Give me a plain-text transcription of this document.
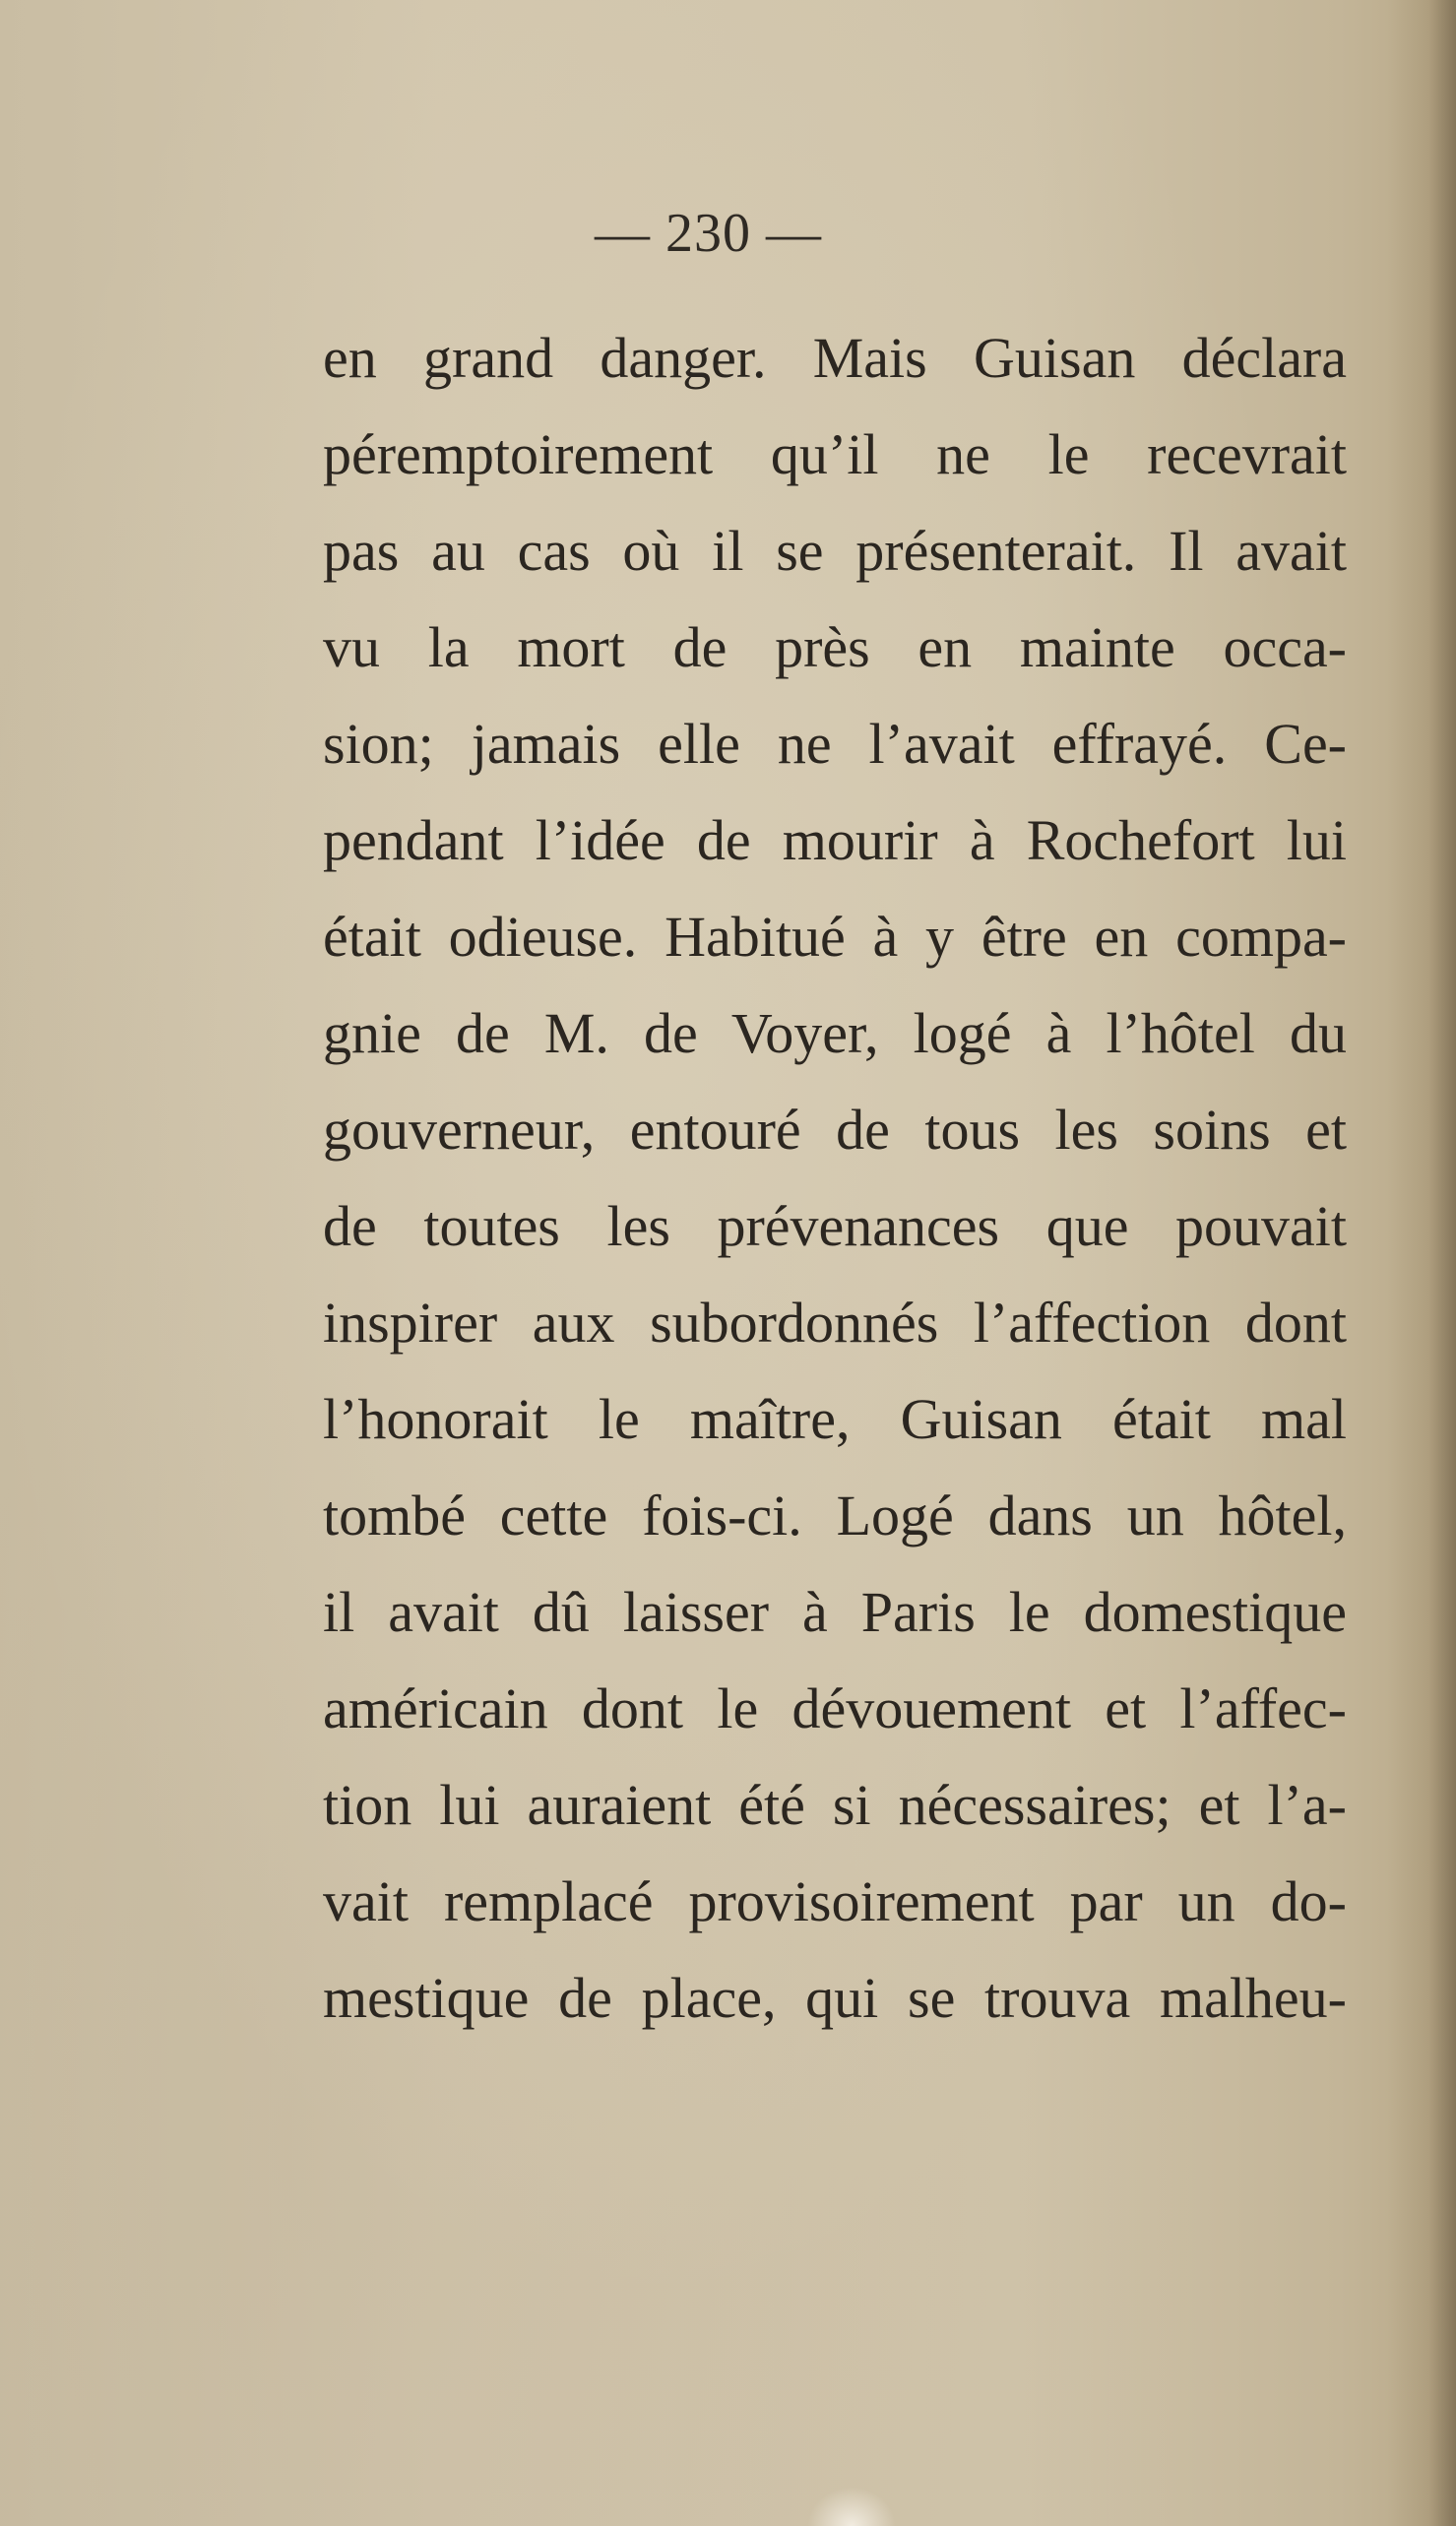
— 230 —
en grand danger. Mais Guisan déclara
péremptoirement qu’il ne le recevrait
pas au cas où il se présenterait. Il avait
vu la mort de près en mainte occa-
sion; jamais elle ne l’avait effrayé. Ce-
pendant l’idée de mourir à Rochefort lui
était odieuse. Habitué à y être en compa-
gnie de M. de Voyer, logé à l’hôtel du
gouverneur, entouré de tous les soins et
de toutes les prévenances que pouvait
inspirer aux subordonnés l’affection dont
l’honorait le maître, Guisan était mal
tombé cette fois-ci. Logé dans un hôtel,
il avait dû laisser à Paris le domestique
américain dont le dévouement et l’affec-
tion lui auraient été si nécessaires; et l’a-
vait remplacé provisoirement par un do-
mestique de place, qui se trouva malheu-
